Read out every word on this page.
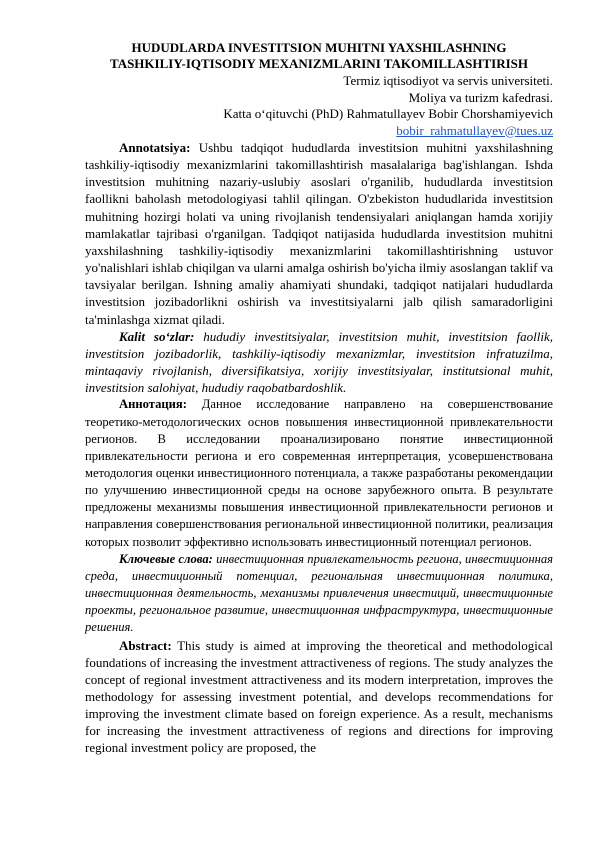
HUDUDLARDA INVESTITSION MUHITNI YAXSHILASHNING
TASHKILIY-IQTISODIY MEXANIZMLARINI TAKOMILLASHTIRISH
Termiz iqtisodiyot va servis universiteti.
Moliya va turizm kafedrasi.
Katta o‘qituvchi (PhD) Rahmatullayev Bobir Chorshamiyevich
bobir_rahmatullayev@tues.uz

Annotatsiya: Ushbu tadqiqot hududlarda investitsion muhitni yaxshilashning tashkiliy-iqtisodiy mexanizmlarini takomillashtirish masalalariga bag'ishlangan. Ishda investitsion muhitning nazariy-uslubiy asoslari o'rganilib, hududlarda investitsion faollikni baholash metodologiyasi tahlil qilingan. O'zbekiston hududlarida investitsion muhitning hozirgi holati va uning rivojlanish tendensiyalari aniqlangan hamda xorijiy mamlakatlar tajribasi o'rganilgan. Tadqiqot natijasida hududlarda investitsion muhitni yaxshilashning tashkiliy-iqtisodiy mexanizmlarini takomillashtirishning ustuvor yo'nalishlari ishlab chiqilgan va ularni amalga oshirish bo'yicha ilmiy asoslangan taklif va tavsiyalar berilgan. Ishning amaliy ahamiyati shundaki, tadqiqot natijalari hududlarda investitsion jozibadorlikni oshirish va investitsiyalarni jalb qilish samaradorligini ta'minlashga xizmat qiladi.

Kalit so‘zlar: hududiy investitsiyalar, investitsion muhit, investitsion faollik, investitsion jozibadorlik, tashkiliy-iqtisodiy mexanizmlar, investitsion infratuzilma, mintaqaviy rivojlanish, diversifikatsiya, xorijiy investitsiyalar, institutsional muhit, investitsion salohiyat, hududiy raqobatbardoshlik.

Аннотация: Данное исследование направлено на совершенствование теоретико-методологических основ повышения инвестиционной привлекательности регионов. В исследовании проанализировано понятие инвестиционной привлекательности региона и его современная интерпретация, усовершенствована методология оценки инвестиционного потенциала, а также разработаны рекомендации по улучшению инвестиционной среды на основе зарубежного опыта. В результате предложены механизмы повышения инвестиционной привлекательности регионов и направления совершенствования региональной инвестиционной политики, реализация которых позволит эффективно использовать инвестиционный потенциал регионов.

Ключевые слова: инвестиционная привлекательность региона, инвестиционная среда, инвестиционный потенциал, региональная инвестиционная политика, инвестиционная деятельность, механизмы привлечения инвестиций, инвестиционные проекты, региональное развитие, инвестиционная инфраструктура, инвестиционные решения.

Abstract: This study is aimed at improving the theoretical and methodological foundations of increasing the investment attractiveness of regions. The study analyzes the concept of regional investment attractiveness and its modern interpretation, improves the methodology for assessing investment potential, and develops recommendations for improving the investment climate based on foreign experience. As a result, mechanisms for increasing the investment attractiveness of regions and directions for improving regional investment policy are proposed, the
